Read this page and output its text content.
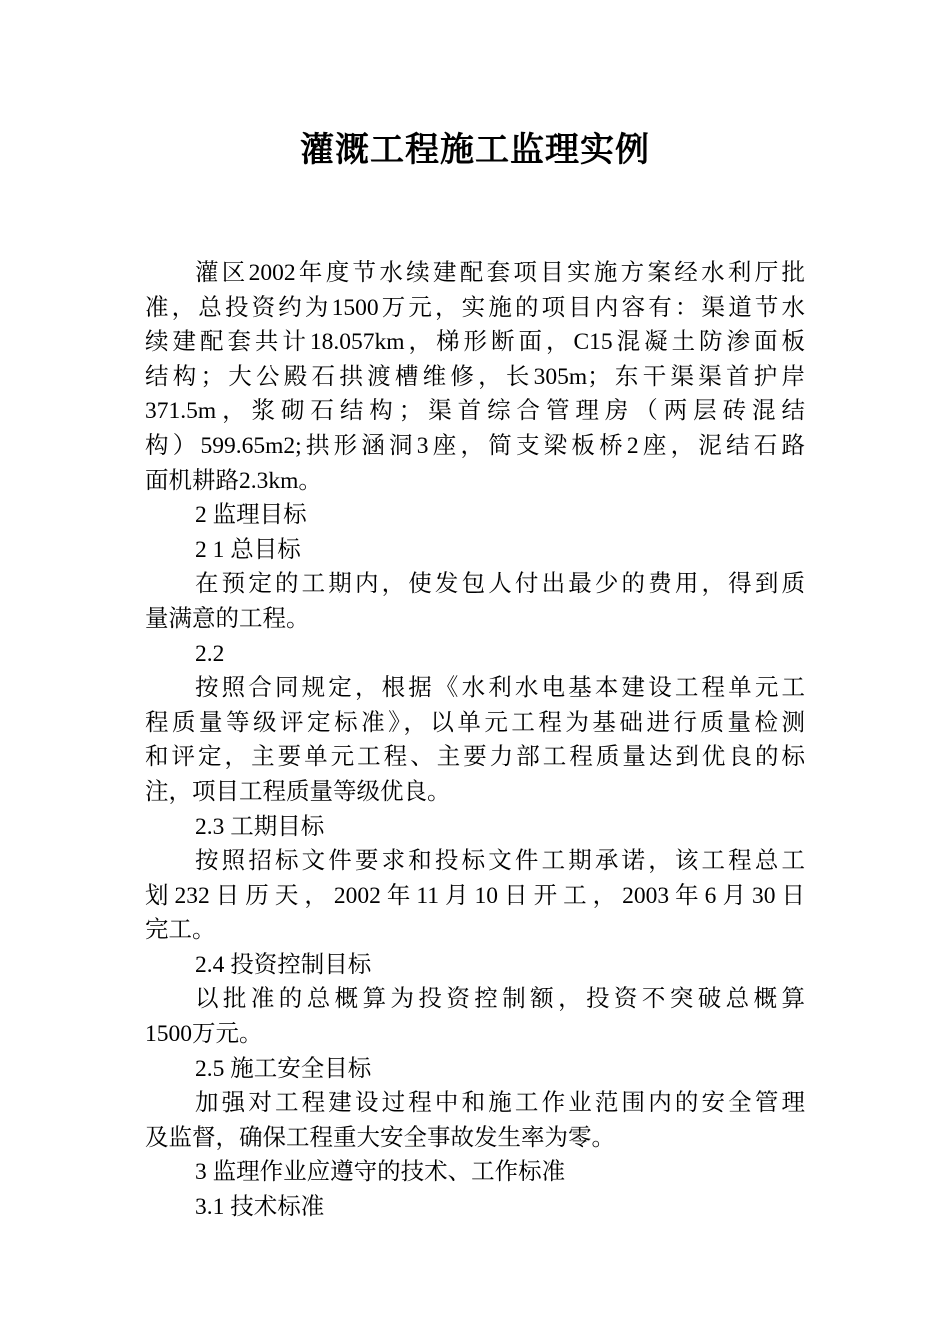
灌溉工程施工监理实例

灌区2002年度节水续建配套项目实施方案经水利厅批
准，总投资约为1500万元，实施的项目内容有：渠道节水
续建配套共计18.057km，梯形断面，C15混凝土防渗面板
结构；大公殿石拱渡槽维修，长305m；东干渠渠首护岸
371.5m，浆砌石结构；渠首综合管理房（两层砖混结
构）599.65m2;拱形涵洞3座，简支梁板桥2座，泥结石路
面机耕路2.3km。

2 监理目标

2 1 总目标

在预定的工期内，使发包人付出最少的费用，得到质
量满意的工程。

2.2

按照合同规定，根据《水利水电基本建设工程单元工
程质量等级评定标准》，以单元工程为基础进行质量检测
和评定，主要单元工程、主要力部工程质量达到优良的标
注，项目工程质量等级优良。

2.3 工期目标

按照招标文件要求和投标文件工期承诺，该工程总工
划232日历天，2002年11月10日开工，2003年6月30日
完工。

2.4 投资控制目标

以批准的总概算为投资控制额，投资不突破总概算
1500万元。

2.5 施工安全目标

加强对工程建设过程中和施工作业范围内的安全管理
及监督，确保工程重大安全事故发生率为零。

3 监理作业应遵守的技术、工作标准

3.1 技术标准
